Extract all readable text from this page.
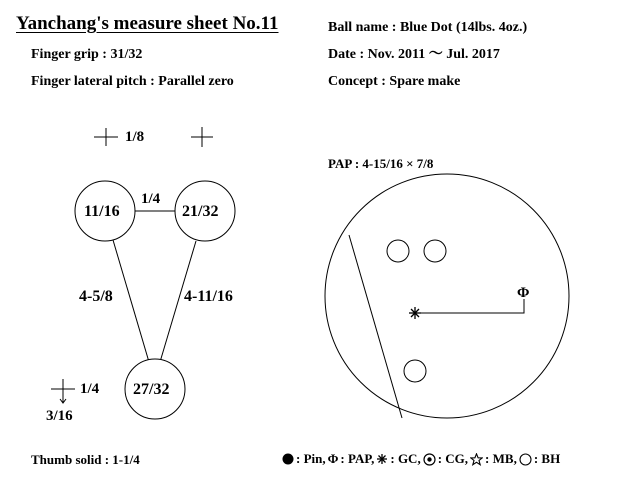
Yanchang's measure sheet No.11	Ball name : Blue Dot (14lbs. 4oz.)
Finger grip : 31/32	Date : Nov. 2011 ～ Jul. 2017
Finger lateral pitch : Parallel zero	Concept : Spare make
1/8
1/4
11/16	21/32
4-5/8	4-11/16
27/32
1/4
3/16
Thumb solid : 1-1/4
PAP : 4-15/16 × 7/8
Φ
: Pin, Φ : PAP, : GC, : CG, : MB, : BH
